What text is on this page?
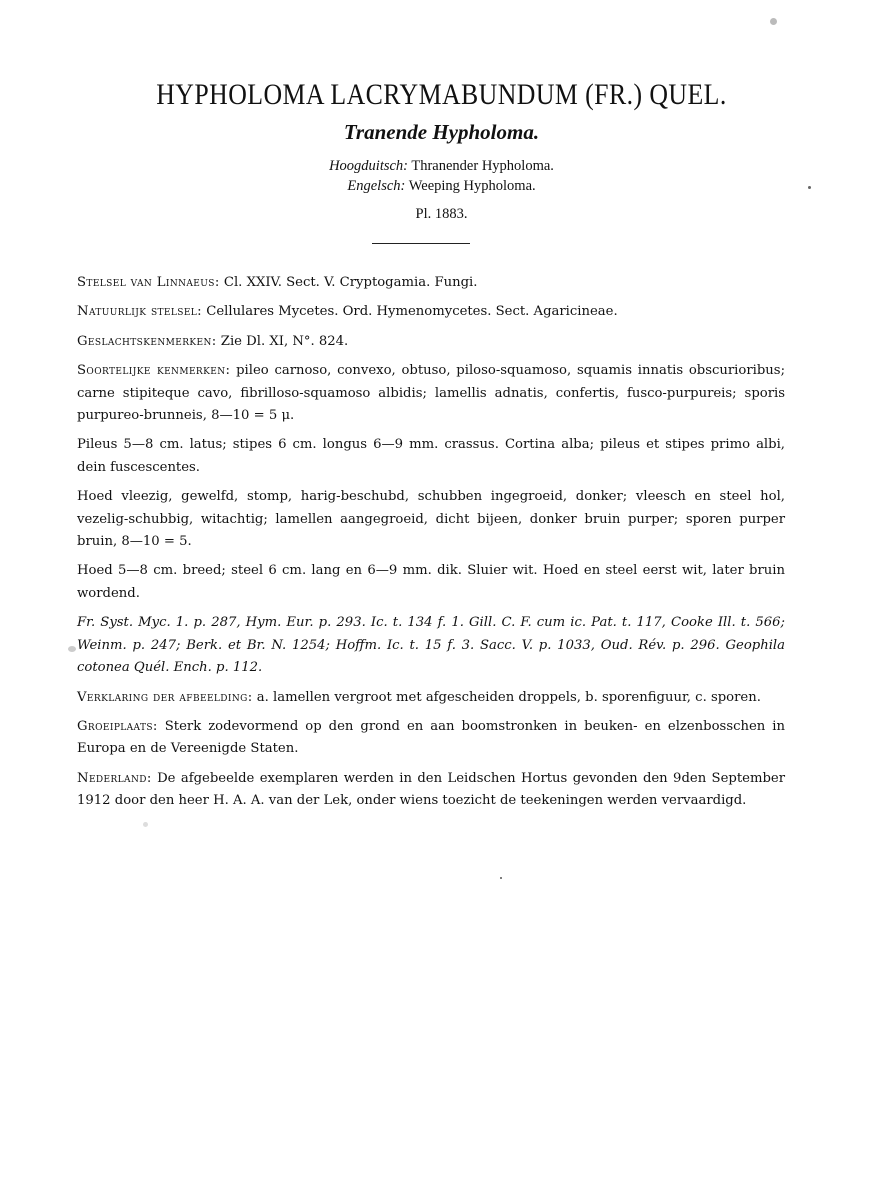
HYPHOLOMA LACRYMABUNDUM (FR.) QUEL.
Tranende Hypholoma.
Hoogduitsch: Thranender Hypholoma.
Engelsch: Weeping Hypholoma.
Pl. 1883.

Stelsel van Linnaeus: Cl. XXIV. Sect. V. Cryptogamia. Fungi.

Natuurlijk stelsel: Cellulares Mycetes. Ord. Hymenomycetes. Sect. Agaricineae.

Geslachtskenmerken: Zie Dl. XI, N°. 824.

Soortelijke kenmerken: pileo carnoso, convexo, obtuso, piloso-squamoso, squamis innatis obscurioribus; carne stipiteque cavo, fibrilloso-squamoso albidis; lamellis adnatis, confertis, fusco-purpureis; sporis purpureo-brunneis, 8—10 = 5 μ.

Pileus 5—8 cm. latus; stipes 6 cm. longus 6—9 mm. crassus. Cortina alba; pileus et stipes primo albi, dein fuscescentes.

Hoed vleezig, gewelfd, stomp, harig-beschubd, schubben ingegroeid, donker; vleesch en steel hol, vezelig-schubbig, witachtig; lamellen aangegroeid, dicht bijeen, donker bruin purper; sporen purper bruin, 8—10 = 5.

Hoed 5—8 cm. breed; steel 6 cm. lang en 6—9 mm. dik. Sluier wit. Hoed en steel eerst wit, later bruin wordend.

Fr. Syst. Myc. 1. p. 287, Hym. Eur. p. 293. Ic. t. 134 f. 1. Gill. C. F. cum ic. Pat. t. 117, Cooke Ill. t. 566; Weinm. p. 247; Berk. et Br. N. 1254; Hoffm. Ic. t. 15 f. 3. Sacc. V. p. 1033, Oud. Rév. p. 296. Geophila cotonea Quél. Ench. p. 112.

Verklaring der afbeelding: a. lamellen vergroot met afgescheiden droppels, b. sporenfiguur, c. sporen.

Groeiplaats: Sterk zodevormend op den grond en aan boomstronken in beuken- en elzenbosschen in Europa en de Vereenigde Staten.

Nederland: De afgebeelde exemplaren werden in den Leidschen Hortus gevonden den 9den September 1912 door den heer H. A. A. van der Lek, onder wiens toezicht de teekeningen werden vervaardigd.
